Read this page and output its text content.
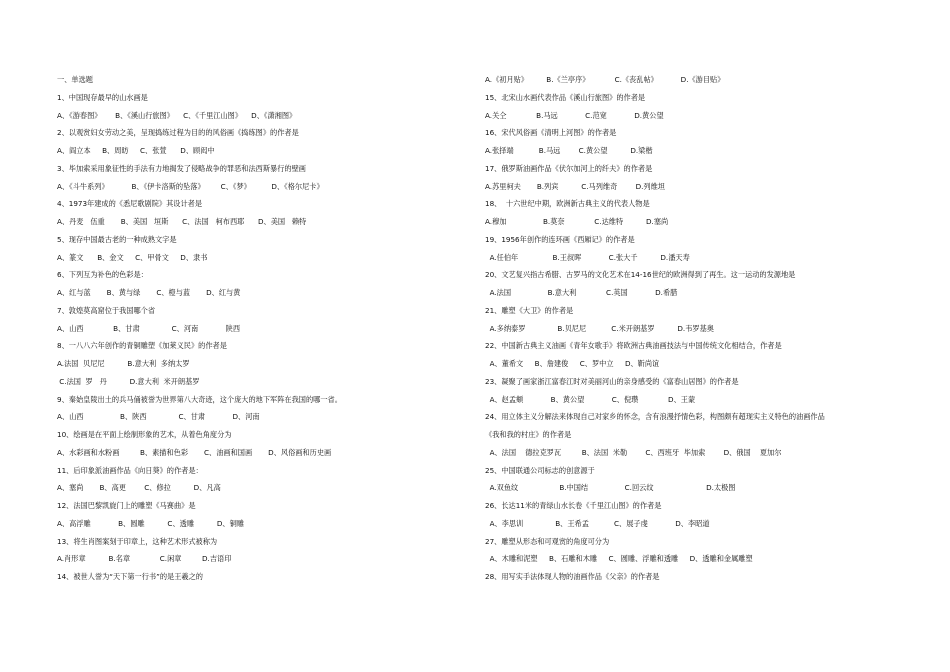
一、单选题
1、中国现存最早的山水画是
A、《游春图》      B、《溪山行旅图》    C、《千里江山图》    D、《潇湘图》
2、以观赏妇女劳动之美，呈现捣练过程为目的的风俗画《捣练图》的作者是
A、阎立本     B、周昉     C、张萱      D、顾闳中
3、毕加索采用象征性的手法有力地揭发了侵略战争的罪恶和法西斯暴行的壁画
A、《斗牛系列》          B、《伊卡洛斯的坠落》       C、《梦》         D、《格尔尼卡》
4、1973年建成的《悉尼歌剧院》其设计者是
A、丹麦   伍重       B、美国   垣斯      C、法国   柯布西耶      D、美国   赖特
5、现存中国最古老的一种成熟文字是
A、篆文      B、金文     C、甲骨文     D、隶书
6、下列互为补色的色彩是：
A、红与蓝       B、黄与绿       C、橙与蓝       D、红与黄
7、敦煌莫高窟位于我国哪个省
A、山西             B、甘肃              C、河南            陕西
8、一八八六年创作的青铜雕塑《加莱义民》的作者是
A.法国  贝尼尼          B.意大利  多纳太罗
C.法国  罗   丹          D.意大利  米开朗基罗
9、秦始皇陵出土的兵马俑被誉为世界第八大奇迹，这个庞大的地下军阵在我国的哪一省。
A、山西                B、陕西              C、甘肃            D、河南
10、绘画是在平面上绘制形象的艺术，从着色角度分为
A、水彩画和水粉画         B、素描和色彩       C、油画和国画       D、风俗画和历史画
11、后印象派油画作品《向日葵》的作者是：
A、塞尚       B、高更        C、修拉          D、凡高
12、法国巴黎凯旋门上的雕塑《马赛曲》是
A、高浮雕            B、圆雕          C、透雕          D、铜雕
13、将生肖图案刻于印章上，这种艺术形式被称为
A.肖形章          B.名章             C.闲章         D.吉语印
14、被世人誉为“天下第一行书”的是王羲之的
A.《初月贴》        B.《兰亭序》           C.《丧乱帖》          D.《游目贴》
15、北宋山水画代表作品《溪山行旅图》的作者是
A.关仝             B.马远            C.范宽            D.黄公望
16、宋代风俗画《清明上河图》的作者是
A.张择端           B.马远        C.黄公望          D.梁楷
17、俄罗斯油画作品《伏尔加河上的纤夫》的作者是
A.苏里柯夫       B.列宾          C.马列维奇        D.列维坦
18、  十六世纪中期，欧洲新古典主义的代表人物是
A.穆加                B.莫奈             C.达维特          D.塞尚
19、1956年创作的连环画《西厢记》的作者是
A.任伯年               B.王叔晖            C.张大千          D.潘天寿
20、文艺复兴指古希腊、古罗马的文化艺术在14-16世纪的欧洲得到了再生。这一运动的发源地是
A.法国                B.意大利             C.英国            D.希腊
21、雕塑《大卫》的作者是
A.多纳泰罗              B.贝尼尼           C.米开朗基罗          D.韦罗基奥
22、中国新古典主义油画《青年女歌手》将欧洲古典油画技法与中国传统文化相结合，作者是
A、董希文     B、詹建俊     C、罗中立     D、靳尚谊
23、凝聚了画家浙江富春江时对美丽河山的亲身感受的《富春山居图》的作者是
A、赵孟頫            B、黄公望            C、倪瓒             D、王蒙
24、用立体主义分解法来体现自己对家乡的怀念，含有浪漫抒情色彩，构图颇有超现实主义特色的油画作品
《我和我的村庄》的作者是
A、法国    德拉克罗瓦         B、法国  米勒        C、西班牙  毕加索        D、俄国    夏加尔
25、中国联通公司标志的创意源于
A.双鱼纹                  B.中国结                C.回云纹                       D.太极图
26、长达11米的青绿山水长卷《千里江山图》的作者是
A、李思训              B、王希孟           C、展子虔            D、李昭道
27、雕塑从形态和可观赏的角度可分为
A、木雕和泥塑     B、石雕和木雕     C、圆雕、浮雕和透雕     D、透雕和金属雕塑
28、用写实手法体现人物的油画作品《父亲》的作者是
